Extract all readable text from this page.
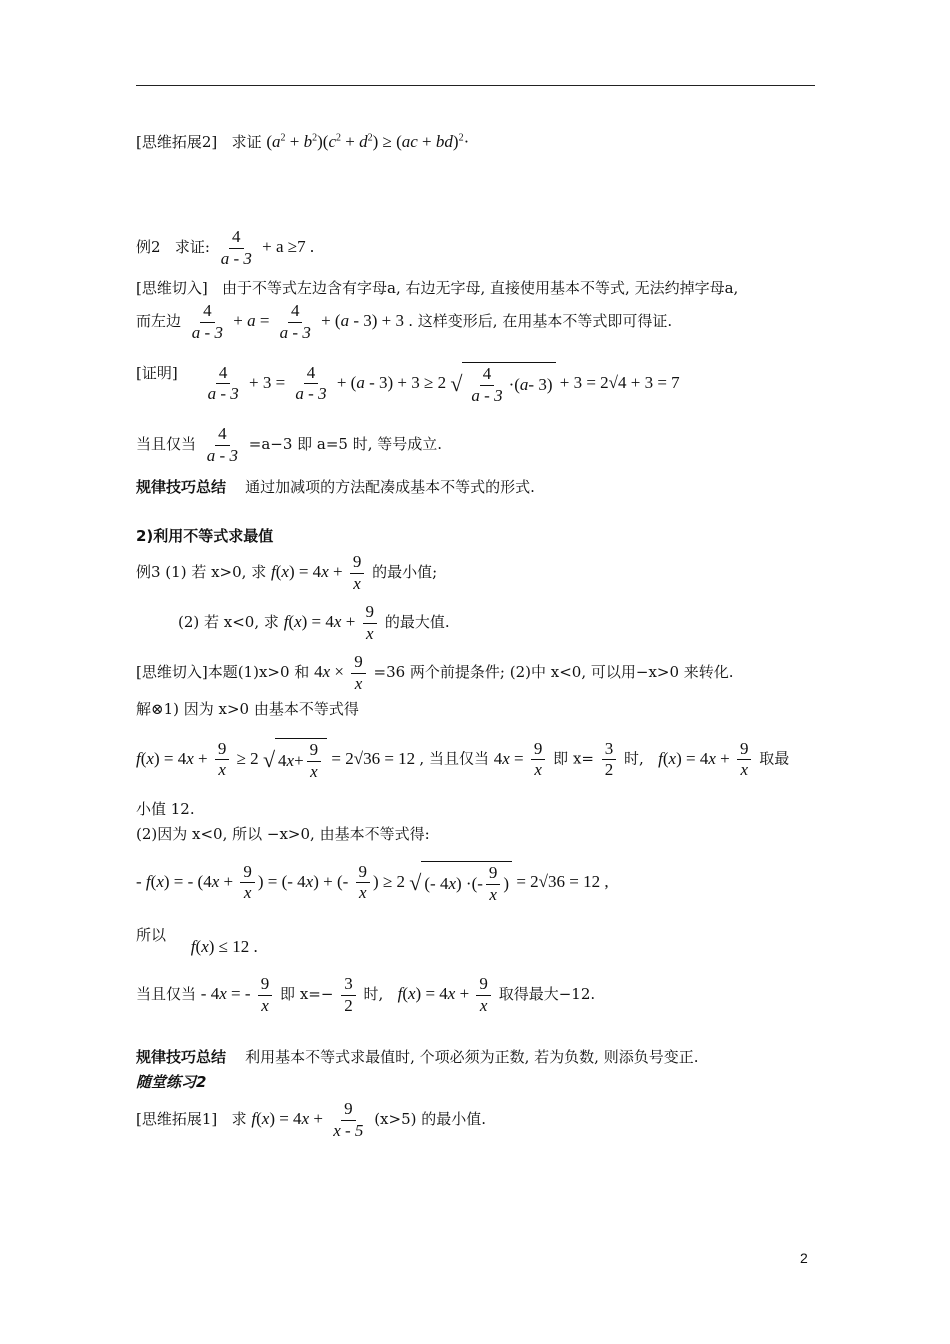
[思维拓展2] 求证 $(a^2 + b^2)(c^2 + d^2) \ge (ac + bd)^2\cdot$
例2 求证: $\frac{4}{a - 3} + a \ge 7$ .
[思维切入] 由于不等式左边含有字母a, 右边无字母, 直接使用基本不等式, 无法约掉字母a,
而左边 $\frac{4}{a - 3} + a = \frac{4}{a - 3} + (a - 3) + 3$ . 这样变形后, 在用基本不等式即可得证.
[证明] $\frac{4}{a - 3} + 3 = \frac{4}{a - 3} + (a - 3) + 3 \ge 2$ √ $\frac{4}{a - 3}$ ·( a - 3) + 3 = 2√4 + 3 = 7
当且仅当 $\frac{4}{a - 3} =a-3$ 即 a=5 时, 等号成立.
规律技巧总结 通过加减项的方法配凑成基本不等式的形式.
2)利用不等式求最值
例3 (1) 若 x>0, 求 $f(x) = 4x + \frac{9}{x}$ 的最小值;
(2) 若 x<0, 求 $f(x) = 4x + \frac{9}{x}$ 的最大值.
[思维切入]本题(1)x>0 和 $4x \times \frac{9}{x} =36$ 两个前提条件; (2)中 x<0, 可以用−x>0 来转化.
解⊗1) 因为 x>0 由基本不等式得
$f(x) = 4x + \frac{9}{x} \ge 2$ √ 4 $x + \frac{9}{x} = 2√36 = 12$ , 当且仅当 $4x = \frac{9}{x}$ 即 $x= \frac{3}{2}$ 时, $f(x) = 4x + \frac{9}{x}$ 取最
小值 12.
(2)因为 x<0, 所以 −x>0, 由基本不等式得:
- f(x) = - ($4x + \frac{9}{x}$ ) = (- 4x) + (- $\frac{9}{x}$ ) ≥ 2 √ (- 4 x ) ·(- $\frac{9}{x}$ ) = 2√36 = 12 ,
所以 f(x) ≤ 12 .
当且仅当 - 4x = - $\frac{9}{x}$ 即 $x=- \frac{3}{2}$ 时, $f(x) = 4x + \frac{9}{x}$ 取得最大−12.
规律技巧总结 利用基本不等式求最值时, 个项必须为正数, 若为负数, 则添负号变正.
随堂练习2
[思维拓展1] 求 $f(x) = 4x + \frac{9}{x - 5} (x>5)$ 的最小值.
2
